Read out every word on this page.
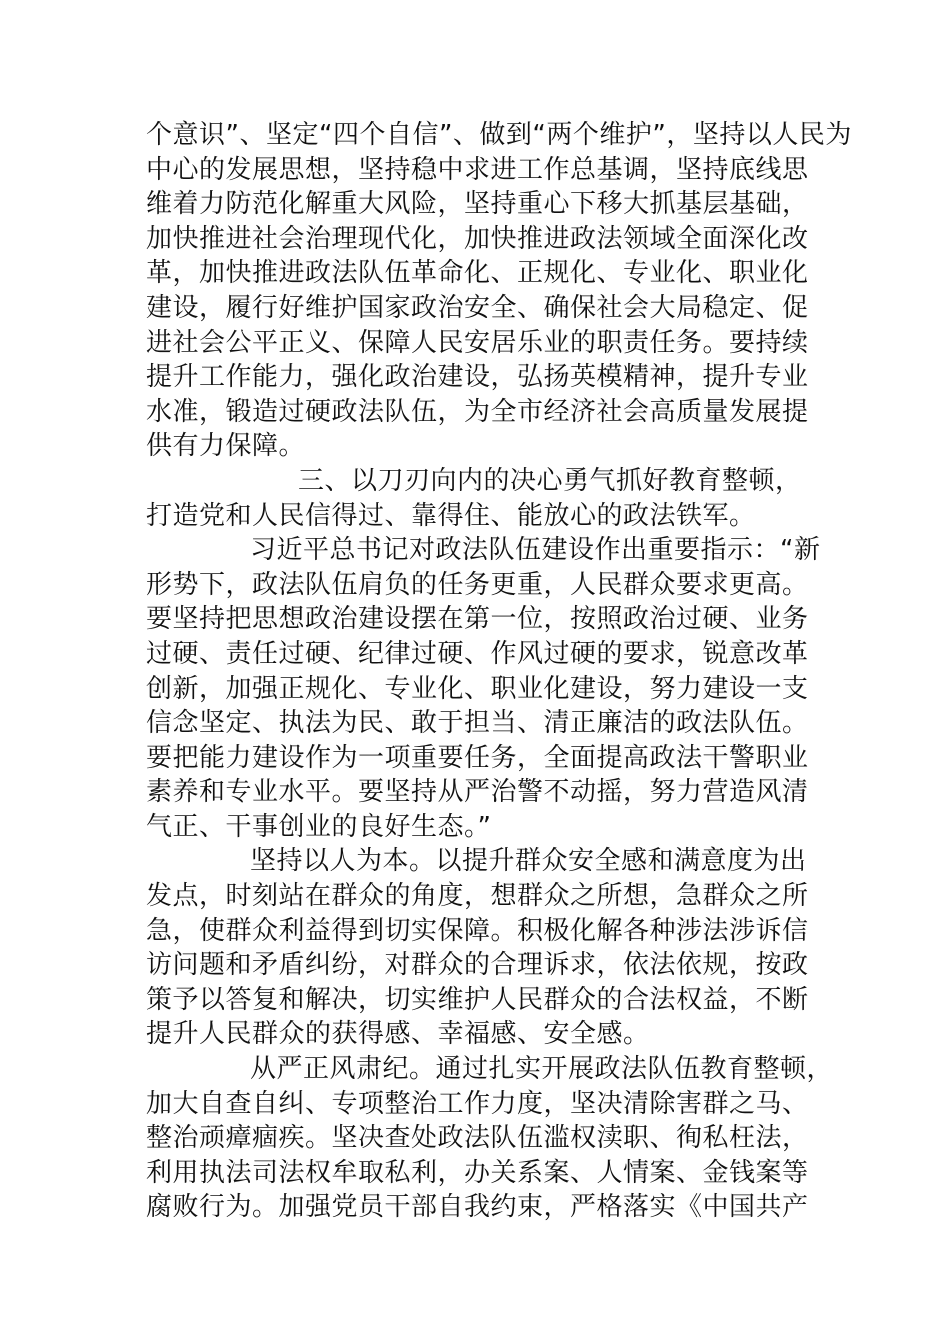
个意识”、坚定“四个自信”、做到“两个维护”，坚持以人民为
中心的发展思想，坚持稳中求进工作总基调，坚持底线思
维着力防范化解重大风险，坚持重心下移大抓基层基础，
加快推进社会治理现代化，加快推进政法领域全面深化改
革，加快推进政法队伍革命化、正规化、专业化、职业化
建设，履行好维护国家政治安全、确保社会大局稳定、促
进社会公平正义、保障人民安居乐业的职责任务。要持续
提升工作能力，强化政治建设，弘扬英模精神，提升专业
水准，锻造过硬政法队伍，为全市经济社会高质量发展提
供有力保障。
三、以刀刃向内的决心勇气抓好教育整顿，
打造党和人民信得过、靠得住、能放心的政法铁军。
习近平总书记对政法队伍建设作出重要指示：“新
形势下，政法队伍肩负的任务更重，人民群众要求更高。
要坚持把思想政治建设摆在第一位，按照政治过硬、业务
过硬、责任过硬、纪律过硬、作风过硬的要求，锐意改革
创新，加强正规化、专业化、职业化建设，努力建设一支
信念坚定、执法为民、敢于担当、清正廉洁的政法队伍。
要把能力建设作为一项重要任务，全面提高政法干警职业
素养和专业水平。要坚持从严治警不动摇，努力营造风清
气正、干事创业的良好生态。”
坚持以人为本。以提升群众安全感和满意度为出
发点，时刻站在群众的角度，想群众之所想，急群众之所
急，使群众利益得到切实保障。积极化解各种涉法涉诉信
访问题和矛盾纠纷，对群众的合理诉求，依法依规，按政
策予以答复和解决，切实维护人民群众的合法权益，不断
提升人民群众的获得感、幸福感、安全感。
从严正风肃纪。通过扎实开展政法队伍教育整顿，
加大自查自纠、专项整治工作力度，坚决清除害群之马、
整治顽瘴痼疾。坚决查处政法队伍滥权渎职、徇私枉法，
利用执法司法权牟取私利，办关系案、人情案、金钱案等
腐败行为。加强党员干部自我约束，严格落实《中国共产
